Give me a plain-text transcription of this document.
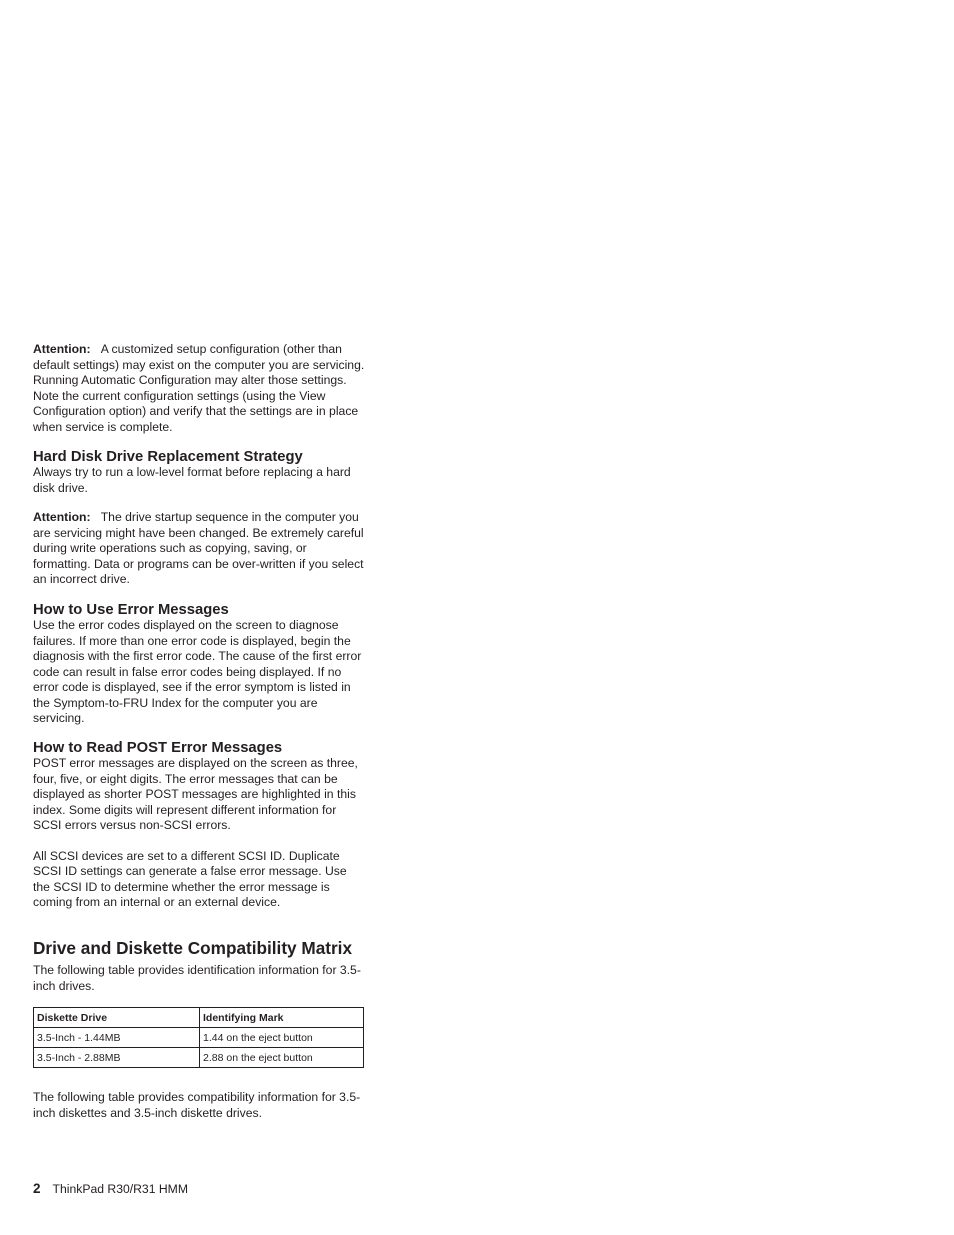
Attention: A customized setup configuration (other than default settings) may exist on the computer you are servicing. Running Automatic Configuration may alter those settings. Note the current configuration settings (using the View Configuration option) and verify that the settings are in place when service is complete.

Hard Disk Drive Replacement Strategy

Always try to run a low-level format before replacing a hard disk drive.

Attention: The drive startup sequence in the computer you are servicing might have been changed. Be extremely careful during write operations such as copying, saving, or formatting. Data or programs can be over-written if you select an incorrect drive.

How to Use Error Messages

Use the error codes displayed on the screen to diagnose failures. If more than one error code is displayed, begin the diagnosis with the first error code. The cause of the first error code can result in false error codes being displayed. If no error code is displayed, see if the error symptom is listed in the Symptom-to-FRU Index for the computer you are servicing.

How to Read POST Error Messages

POST error messages are displayed on the screen as three, four, five, or eight digits. The error messages that can be displayed as shorter POST messages are highlighted in this index. Some digits will represent different information for SCSI errors versus non-SCSI errors.

All SCSI devices are set to a different SCSI ID. Duplicate SCSI ID settings can generate a false error message. Use the SCSI ID to determine whether the error message is coming from an internal or an external device.

Drive and Diskette Compatibility Matrix

The following table provides identification information for 3.5-inch drives.

Diskette Drive	Identifying Mark
3.5-Inch - 1.44MB	1.44 on the eject button
3.5-Inch - 2.88MB	2.88 on the eject button

The following table provides compatibility information for 3.5-inch diskettes and 3.5-inch diskette drives.

2 ThinkPad R30/R31 HMM
